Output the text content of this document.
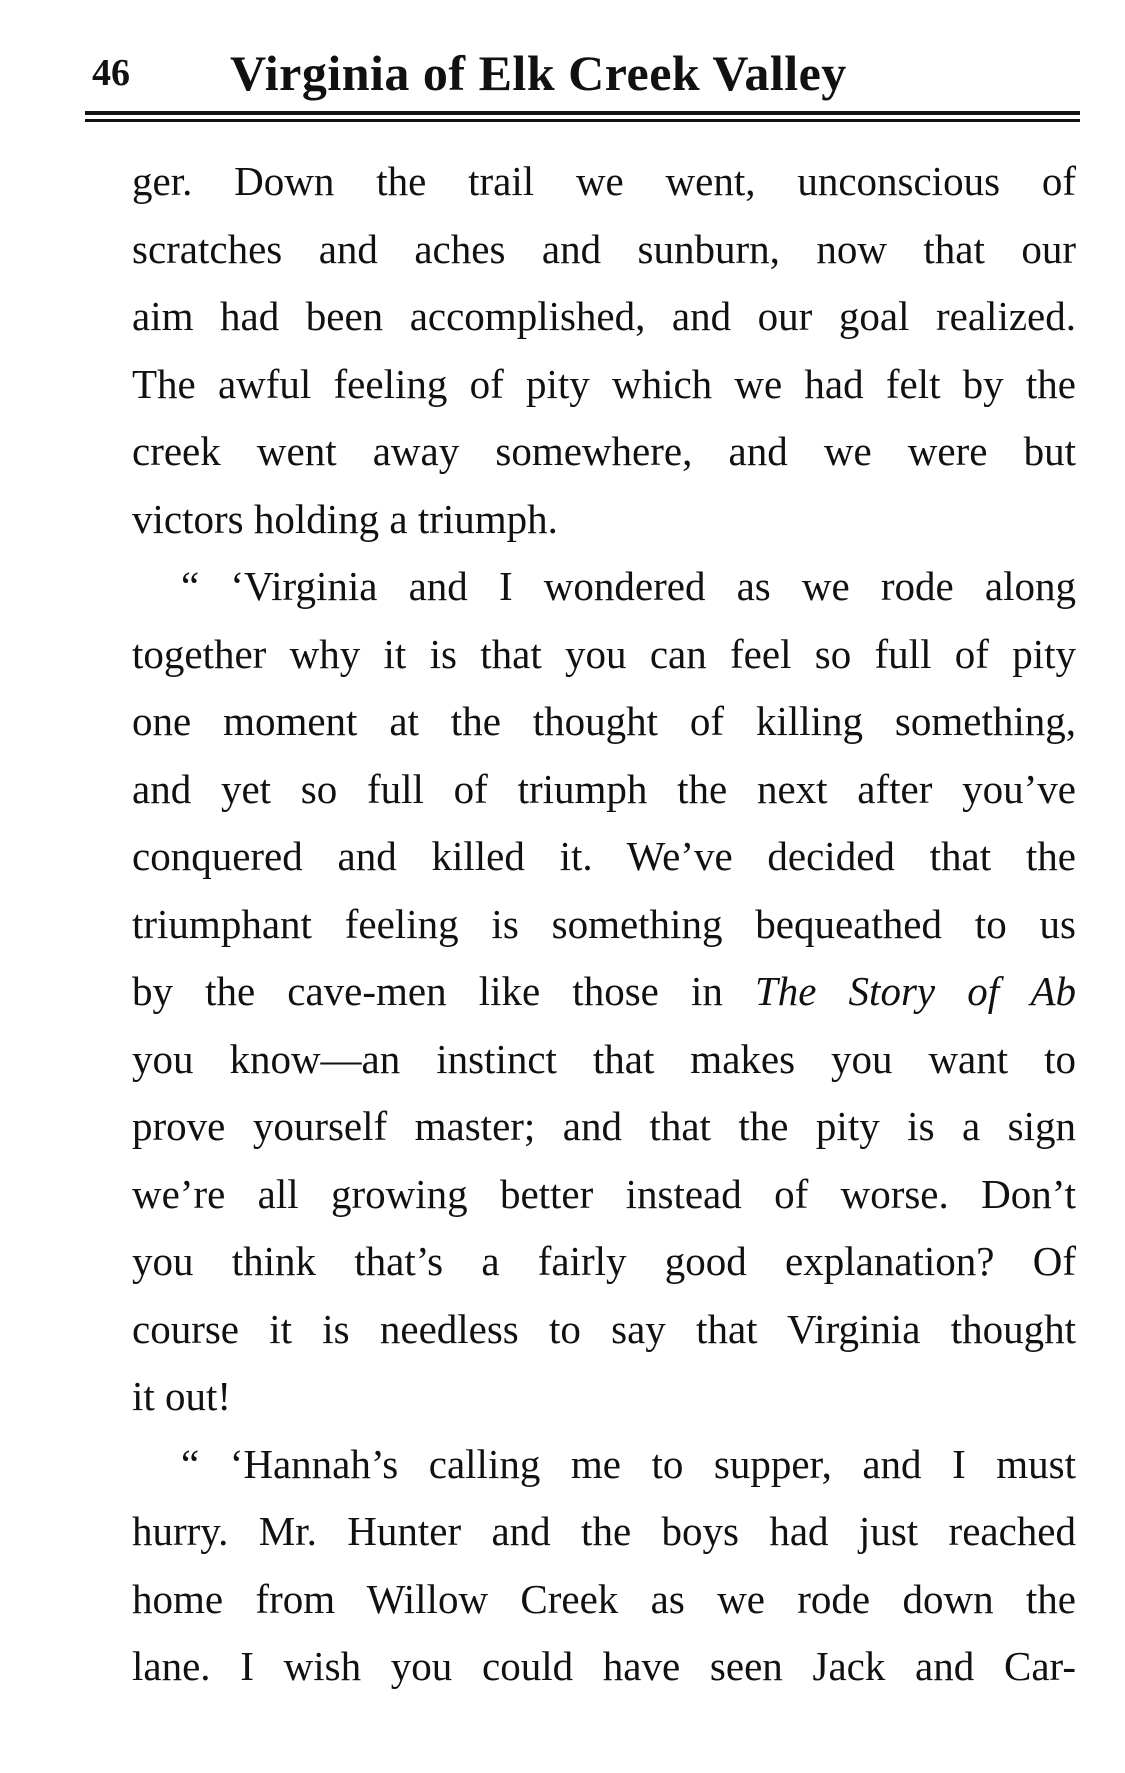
46 Virginia of Elk Creek Valley
ger. Down the trail we went, unconscious of
scratches and aches and sunburn, now that our
aim had been accomplished, and our goal realized.
The awful feeling of pity which we had felt by the
creek went away somewhere, and we were but
victors holding a triumph.
“ ‘Virginia and I wondered as we rode along
together why it is that you can feel so full of pity
one moment at the thought of killing something,
and yet so full of triumph the next after you’ve
conquered and killed it. We’ve decided that the
triumphant feeling is something bequeathed to us
by the cave-men like those in The Story of Ab
you know—an instinct that makes you want to
prove yourself master; and that the pity is a sign
we’re all growing better instead of worse. Don’t
you think that’s a fairly good explanation? Of
course it is needless to say that Virginia thought
it out!
“ ‘Hannah’s calling me to supper, and I must
hurry. Mr. Hunter and the boys had just reached
home from Willow Creek as we rode down the
lane. I wish you could have seen Jack and Car-
